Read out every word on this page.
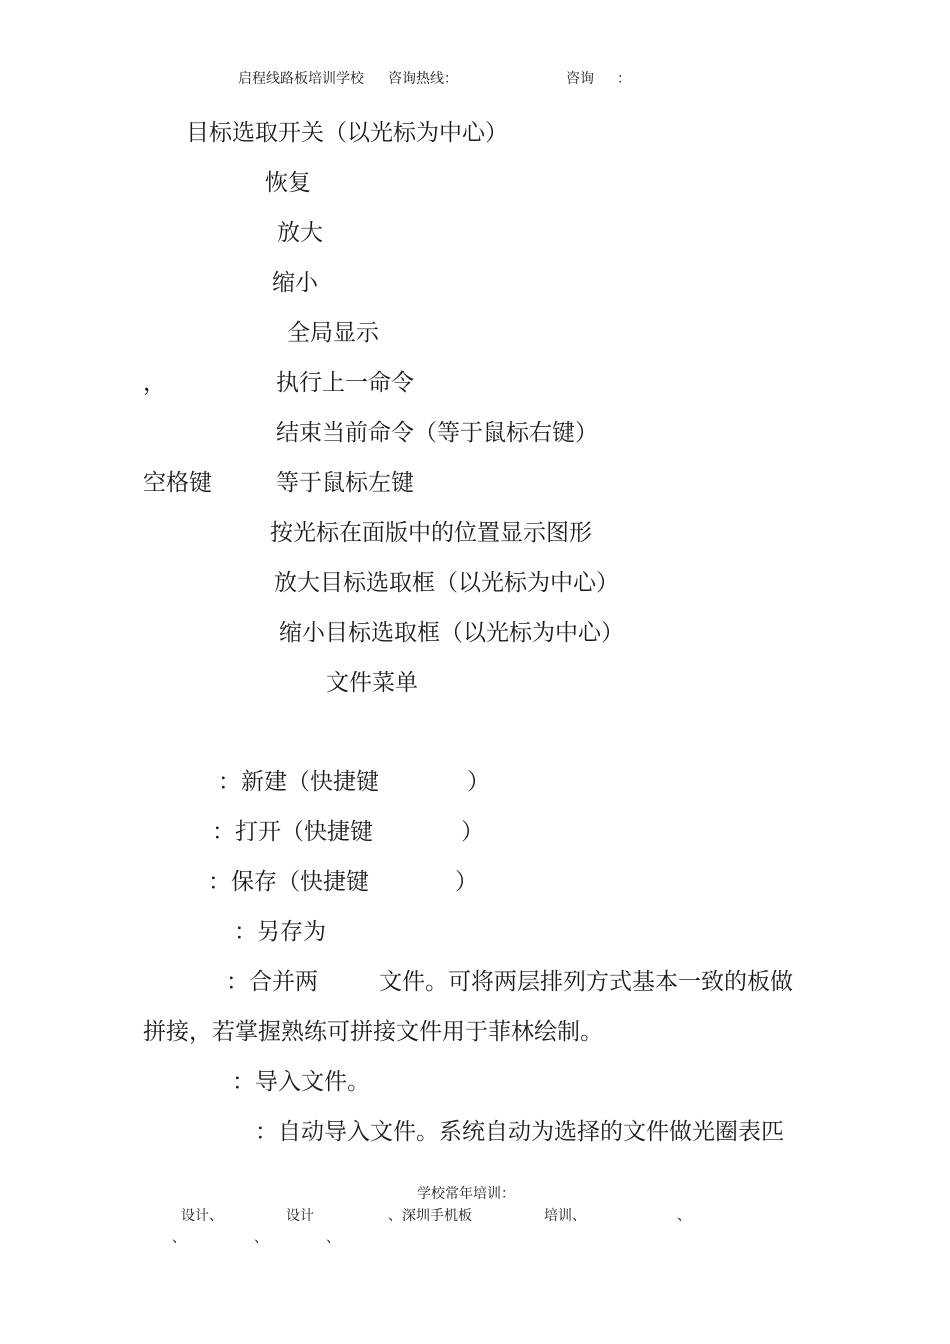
启程线路板培训学校 咨询热线：	咨询 ：
目标选取开关（以光标为中心）
恢复
放大
缩小
全局显示
，	执行上一命令
结束当前命令（等于鼠标右键）
空格键	等于鼠标左键
按光标在面版中的位置显示图形
放大目标选取框（以光标为中心）
缩小目标选取框（以光标为中心）
文件菜单
：新建（快捷键	）
：打开（快捷键	）
：保存（快捷键	）
：另存为
：合并两	文件。可将两层排列方式基本一致的板做
拼接，若掌握熟练可拼接文件用于菲林绘制。
：导入文件。
：自动导入文件。系统自动为选择的文件做光圈表匹
学校常年培训：
设计、	设计	、深圳手机板	培训、	、
、	、	、
